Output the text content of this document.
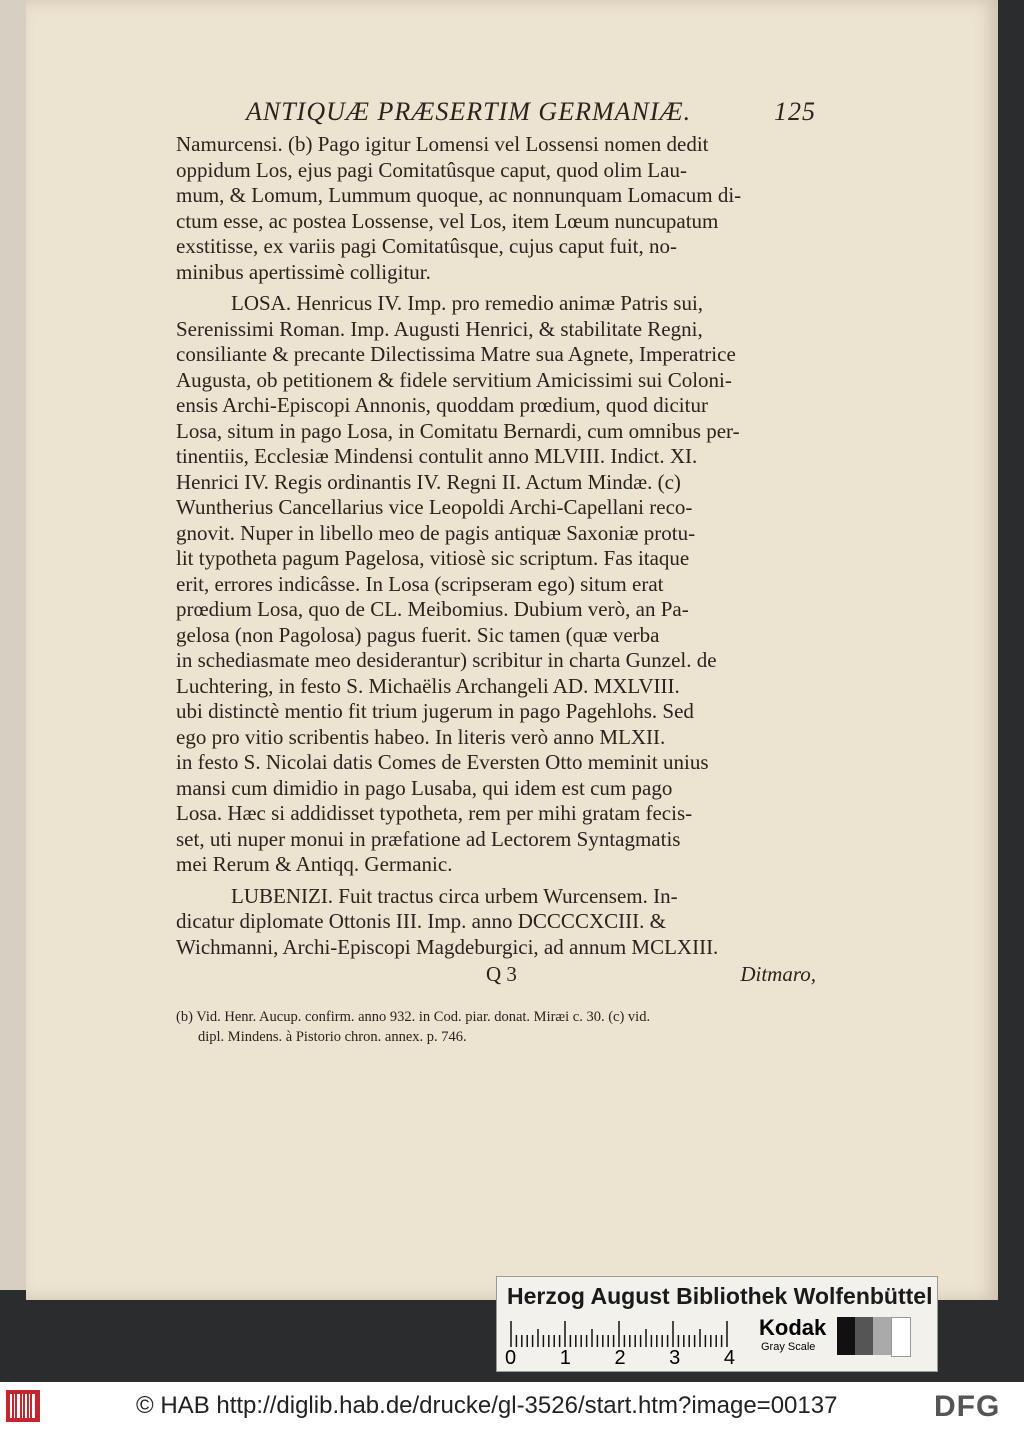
ANTIQUÆ PRÆSERTIM GERMANIÆ.	125
Namurcensi. (b) Pago igitur Lomensi vel Lossensi nomen dedit
oppidum Los, ejus pagi Comitatûsque caput, quod olim Lau-
mum, & Lomum, Lummum quoque, ac nonnunquam Lomacum di-
ctum esse, ac postea Lossense, vel Los, item Lœum nuncupatum
exstitisse, ex variis pagi Comitatûsque, cujus caput fuit, no-
minibus apertissimè colligitur.
LOSA. Henricus IV. Imp. pro remedio animæ Patris sui,
Serenissimi Roman. Imp. Augusti Henrici, & stabilitate Regni,
consiliante & precante Dilectissima Matre sua Agnete, Imperatrice
Augusta, ob petitionem & fidele servitium Amicissimi sui Coloni-
ensis Archi-Episcopi Annonis, quoddam prœdium, quod dicitur
Losa, situm in pago Losa, in Comitatu Bernardi, cum omnibus per-
tinentiis, Ecclesiæ Mindensi contulit anno MLVIII. Indict. XI.
Henrici IV. Regis ordinantis IV. Regni II. Actum Mindæ. (c)
Wuntherius Cancellarius vice Leopoldi Archi-Capellani reco-
gnovit. Nuper in libello meo de pagis antiquæ Saxoniæ protu-
lit typotheta pagum Pagelosa, vitiosè sic scriptum. Fas itaque
erit, errores indicâsse. In Losa (scripseram ego) situm erat
prœdium Losa, quo de CL. Meibomius. Dubium verò, an Pa-
gelosa (non Pagolosa) pagus fuerit. Sic tamen (quæ verba
in schediasmate meo desiderantur) scribitur in charta Gunzel. de
Luchtering, in festo S. Michaëlis Archangeli AD. MXLVIII.
ubi distinctè mentio fit trium jugerum in pago Pagehlohs. Sed
ego pro vitio scribentis habeo. In literis verò anno MLXII.
in festo S. Nicolai datis Comes de Eversten Otto meminit unius
mansi cum dimidio in pago Lusaba, qui idem est cum pago
Losa. Hæc si addidisset typotheta, rem per mihi gratam fecis-
set, uti nuper monui in præfatione ad Lectorem Syntagmatis
mei Rerum & Antiqq. Germanic.
LUBENIZI. Fuit tractus circa urbem Wurcensem. In-
dicatur diplomate Ottonis III. Imp. anno DCCCCXCIII. &
Wichmanni, Archi-Episcopi Magdeburgici, ad annum MCLXIII.
Q 3	Ditmaro,
(b) Vid. Henr. Aucup. confirm. anno 932. in Cod. piar. donat. Miræi c. 30. (c) vid.
dipl. Mindens. à Pistorio chron. annex. p. 746.
Herzog August Bibliothek Wolfenbüttel
0 1 2 3 4
Kodak
Gray Scale
© HAB http://diglib.hab.de/drucke/gl-3526/start.htm?image=00137	DFG
